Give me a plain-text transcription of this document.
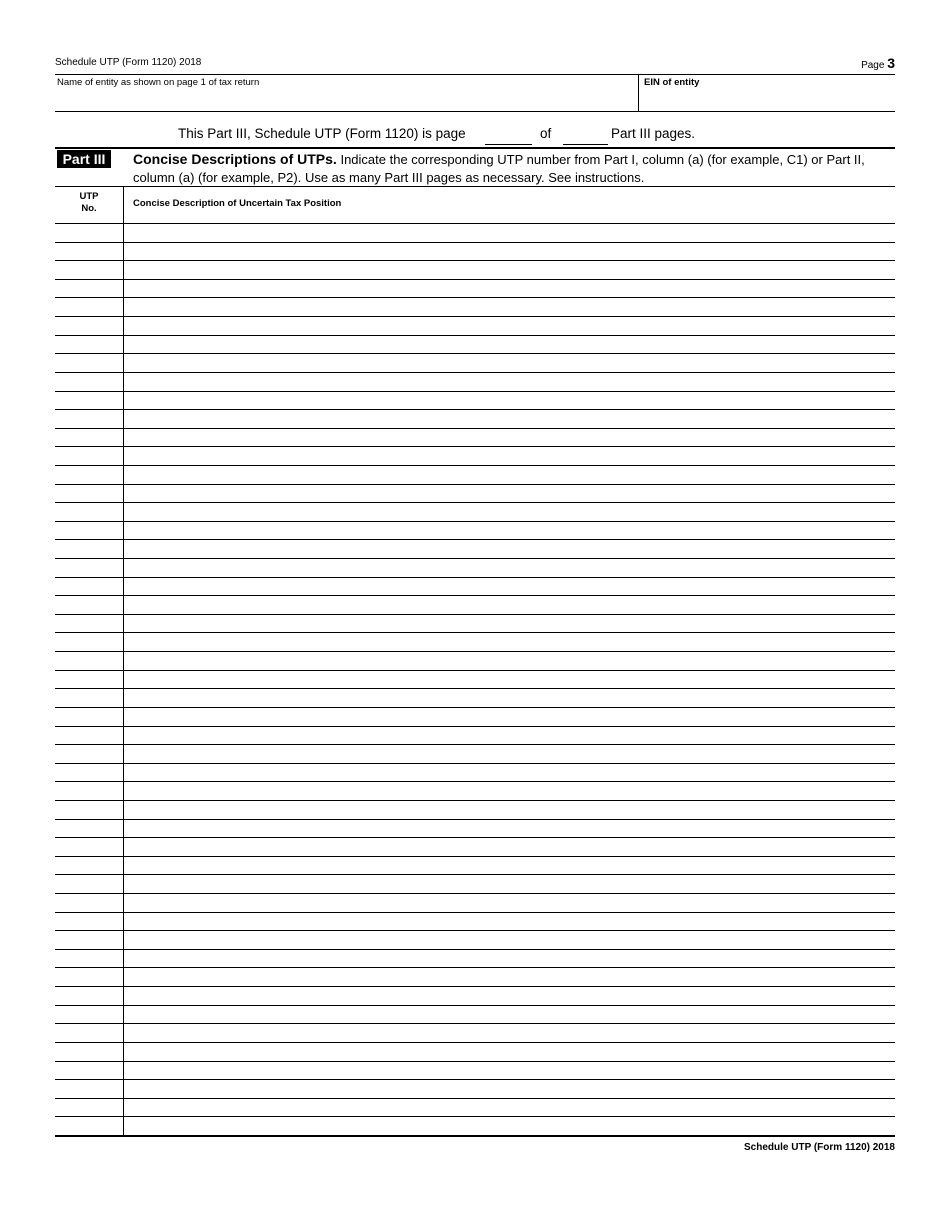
Schedule UTP (Form 1120) 2018	Page 3
Name of entity as shown on page 1 of tax return	EIN of entity
This Part III, Schedule UTP (Form 1120) is page	of	Part III pages.
Part III	Concise Descriptions of UTPs. Indicate the corresponding UTP number from Part I, column (a) (for example, C1) or Part II, column (a) (for example, P2). Use as many Part III pages as necessary. See instructions.
UTP
No.	Concise Description of Uncertain Tax Position
Schedule UTP (Form 1120) 2018
